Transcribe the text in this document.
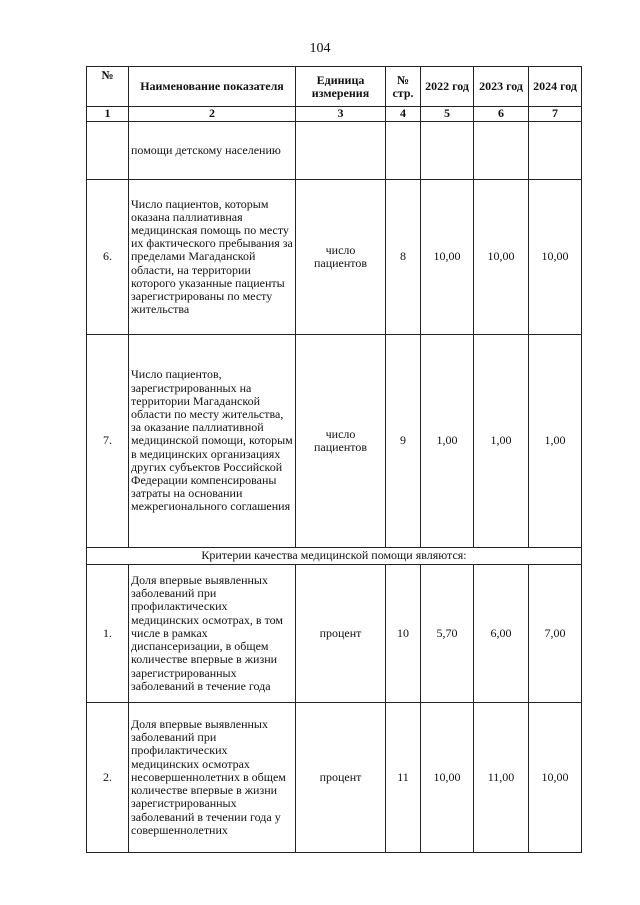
104
№	Наименование показателя	Единица измерения	№ стр.	2022 год	2023 год	2024 год
1	2	3	4	5	6	7
	помощи детскому населению					
6.	Число пациентов, которым оказана паллиативная медицинская помощь по месту их фактического пребывания за пределами Магаданской области, на территории которого указанные пациенты зарегистрированы по месту жительства	число пациентов	8	10,00	10,00	10,00
7.	Число пациентов, зарегистрированных на территории Магаданской области по месту жительства, за оказание паллиативной медицинской помощи, которым в медицинских организациях других субъектов Российской Федерации компенсированы затраты на основании межрегионального соглашения	число пациентов	9	1,00	1,00	1,00
Критерии качества медицинской помощи являются:						
1.	Доля впервые выявленных заболеваний при профилактических медицинских осмотрах, в том числе в рамках диспансеризации, в общем количестве впервые в жизни зарегистрированных заболеваний в течение года	процент	10	5,70	6,00	7,00
2.	Доля впервые выявленных заболеваний при профилактических медицинских осмотрах несовершеннолетних в общем количестве впервые в жизни зарегистрированных заболеваний в течении года у совершеннолетних	процент	11	10,00	11,00	10,00
